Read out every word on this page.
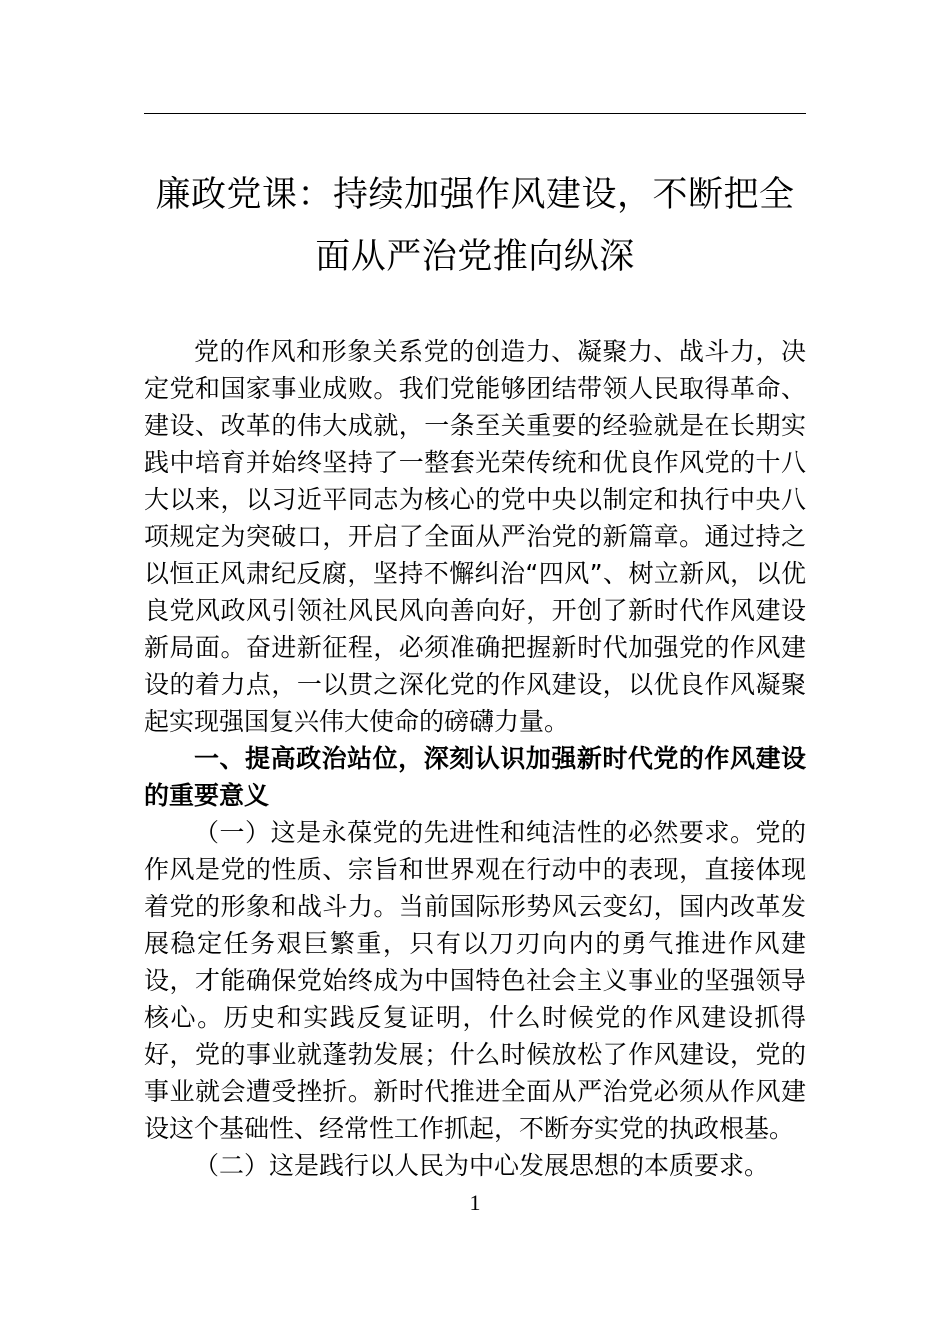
廉政党课：持续加强作风建设，不断把全
面从严治党推向纵深

党的作风和形象关系党的创造力、凝聚力、战斗力，决定党和国家事业成败。我们党能够团结带领人民取得革命、建设、改革的伟大成就，一条至关重要的经验就是在长期实践中培育并始终坚持了一整套光荣传统和优良作风党的十八大以来，以习近平同志为核心的党中央以制定和执行中央八项规定为突破口，开启了全面从严治党的新篇章。通过持之以恒正风肃纪反腐，坚持不懈纠治“四风”、树立新风，以优良党风政风引领社风民风向善向好，开创了新时代作风建设新局面。奋进新征程，必须准确把握新时代加强党的作风建设的着力点，一以贯之深化党的作风建设，以优良作风凝聚起实现强国复兴伟大使命的磅礴力量。

一、提高政治站位，深刻认识加强新时代党的作风建设的重要意义

（一）这是永葆党的先进性和纯洁性的必然要求。党的作风是党的性质、宗旨和世界观在行动中的表现，直接体现着党的形象和战斗力。当前国际形势风云变幻，国内改革发展稳定任务艰巨繁重，只有以刀刃向内的勇气推进作风建设，才能确保党始终成为中国特色社会主义事业的坚强领导核心。历史和实践反复证明，什么时候党的作风建设抓得好，党的事业就蓬勃发展；什么时候放松了作风建设，党的事业就会遭受挫折。新时代推进全面从严治党必须从作风建设这个基础性、经常性工作抓起，不断夯实党的执政根基。

（二）这是践行以人民为中心发展思想的本质要求。

1
